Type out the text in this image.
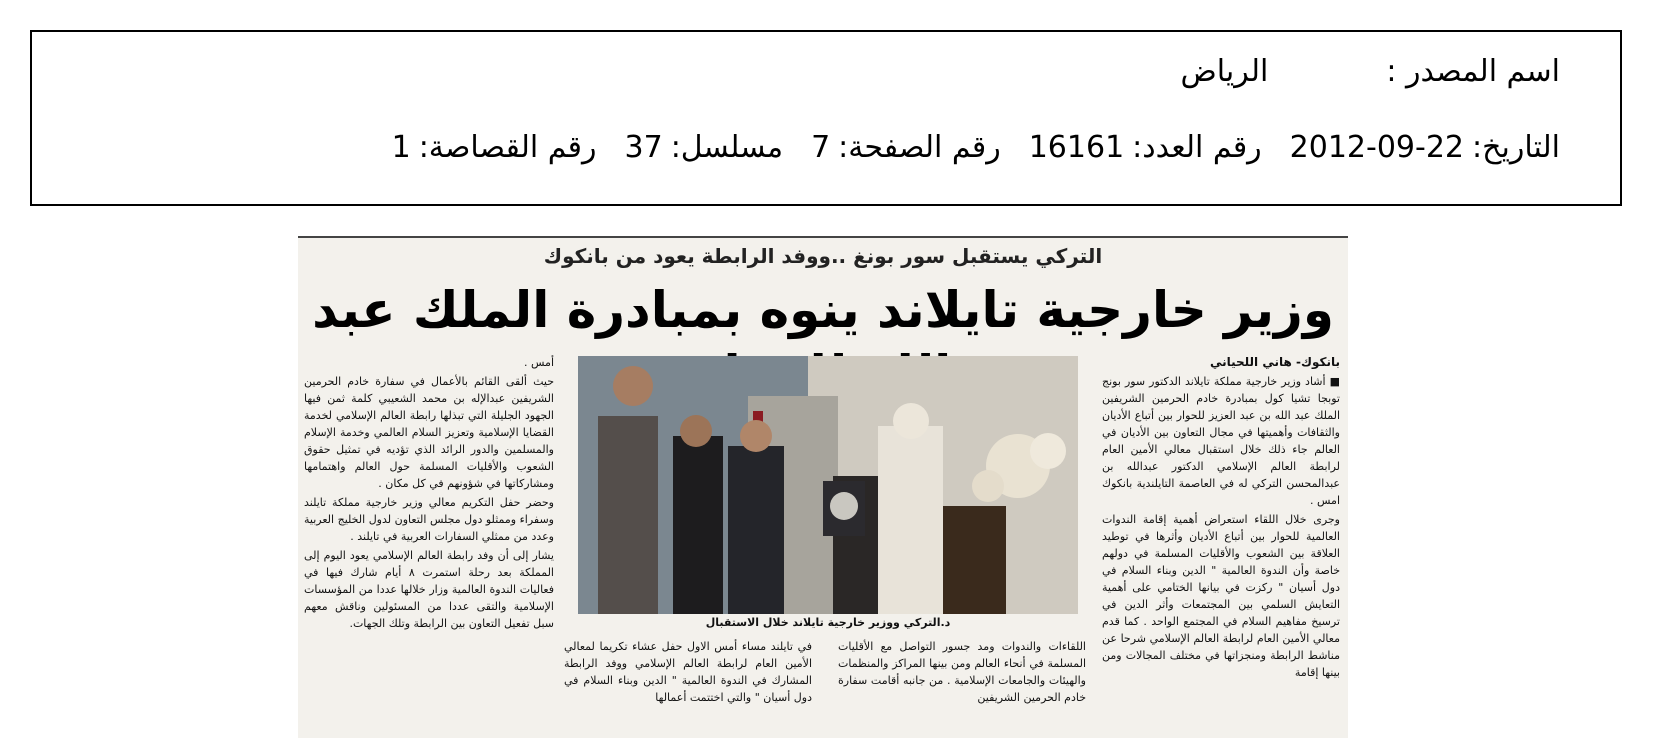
اسم المصدر :
الرياض
التاريخ:
2012-09-22
رقم العدد:
16161
رقم الصفحة:
7
مسلسل:
37
رقم القصاصة:
1
التركي يستقبل سور بونغ ..ووفد الرابطة يعود من بانكوك
وزير خارجية تايلاند ينوه بمبادرة الملك عبد

بانكوك- هاني اللحياني

■ أشاد وزير خارجية مملكة تايلاند الدكتور سور بونج توبجا تشيا كول بمبادرة خادم الحرمين الشريفين الملك عبد الله بن عبد العزيز للحوار بين أتباع الأديان والثقافات وأهميتها في مجال التعاون بين الأديان في العالم جاء ذلك خلال استقبال معالي الأمين العام لرابطة العالم الإسلامي الدكتور عبدالله بن عبدالمحسن التركي له في العاصمة التايلندية بانكوك امس .

وجرى خلال اللقاء استعراض أهمية إقامة الندوات العالمية للحوار بين أتباع الأديان وأثرها في توطيد العلاقة بين الشعوب والأقليات المسلمة في دولهم خاصة وأن الندوة العالمية " الدين وبناء السلام في دول أسيان " ركزت في بيانها الختامي على أهمية التعايش السلمي بين المجتمعات وأثر الدين في ترسيخ مفاهيم السلام في المجتمع الواحد . كما قدم معالي الأمين العام لرابطة العالم الإسلامي شرحا عن مناشط الرابطة ومنجزاتها في مختلف المجالات ومن بينها إقامة

أمس .

حيث ألقى القائم بالأعمال في سفارة خادم الحرمين الشريفين عبدالإله بن محمد الشعيبي كلمة ثمن فيها الجهود الجليلة التي تبذلها رابطة العالم الإسلامي لخدمة القضايا الإسلامية وتعزيز السلام العالمي وخدمة الإسلام والمسلمين والدور الرائد الذي تؤديه في تمثيل حقوق الشعوب والأقليات المسلمة حول العالم واهتمامها ومشاركاتها في شؤونهم في كل مكان .

وحضر حفل التكريم معالي وزير خارجية مملكة تايلند وسفراء وممثلو دول مجلس التعاون لدول الخليج العربية وعدد من ممثلي السفارات العربية في تايلند .

يشار إلى أن وفد رابطة العالم الإسلامي يعود اليوم إلى المملكة بعد رحلة استمرت ٨ أيام شارك فيها في فعاليات الندوة العالمية وزار خلالها عددا من المؤسسات الإسلامية والتقى عددا من المسئولين وناقش معهم سبل تفعيل التعاون بين الرابطة وتلك الجهات.	د.التركي ووزير خارجية تايلاند خلال الاستقبال
اللقاءات والندوات ومد جسور التواصل مع الأقليات المسلمة في أنحاء العالم ومن بينها المراكز والمنظمات والهيئات والجامعات الإسلامية . من جانبه أقامت سفارة خادم الحرمين الشريفين
في تايلند مساء أمس الاول حفل عشاء تكريما لمعالي الأمين العام لرابطة العالم الإسلامي ووفد الرابطة المشارك في الندوة العالمية " الدين وبناء السلام في دول أسيان " والتي اختتمت أعمالها
